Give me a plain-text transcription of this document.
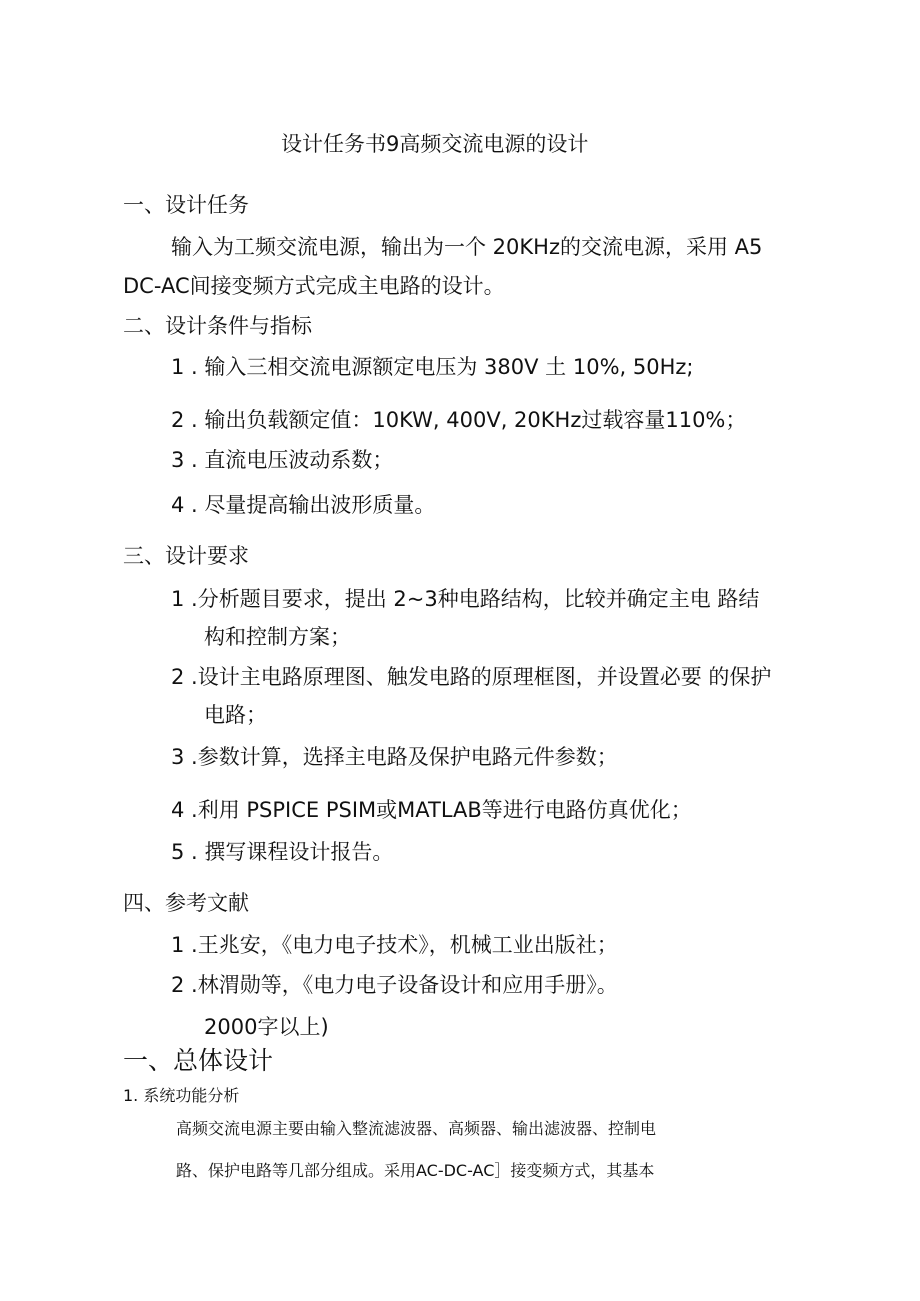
设计任务书9高频交流电源的设计

一、设计任务

输入为工频交流电源，输出为一个 20KHz的交流电源，采用 A5

DC-AC间接变频方式完成主电路的设计。

二、设计条件与指标

1 . 输入三相交流电源额定电压为 380V 土 10%, 50Hz;

2 . 输出负载额定值：10KW, 400V, 20KHz过载容量110%；

3 . 直流电压波动系数；

4 . 尽量提高输出波形质量。

三、设计要求

1 .分析题目要求，提出 2~3种电路结构，比较并确定主电 路结

构和控制方案；

2 .设计主电路原理图、触发电路的原理框图，并设置必要 的保护

电路；

3 .参数计算，选择主电路及保护电路元件参数；

4 .利用 PSPICE PSIM或MATLAB等进行电路仿真优化；

5 . 撰写课程设计报告。

四、参考文献

1 .王兆安，《电力电子技术》，机械工业出版社；

2 .林渭勋等，《电力电子设备设计和应用手册》。

2000字以上)

一、总体设计

1. 系统功能分析

高频交流电源主要由输入整流滤波器、高频器、输出滤波器、控制电

路、保护电路等几部分组成。采用AC-DC-AC］接变频方式，其基本
